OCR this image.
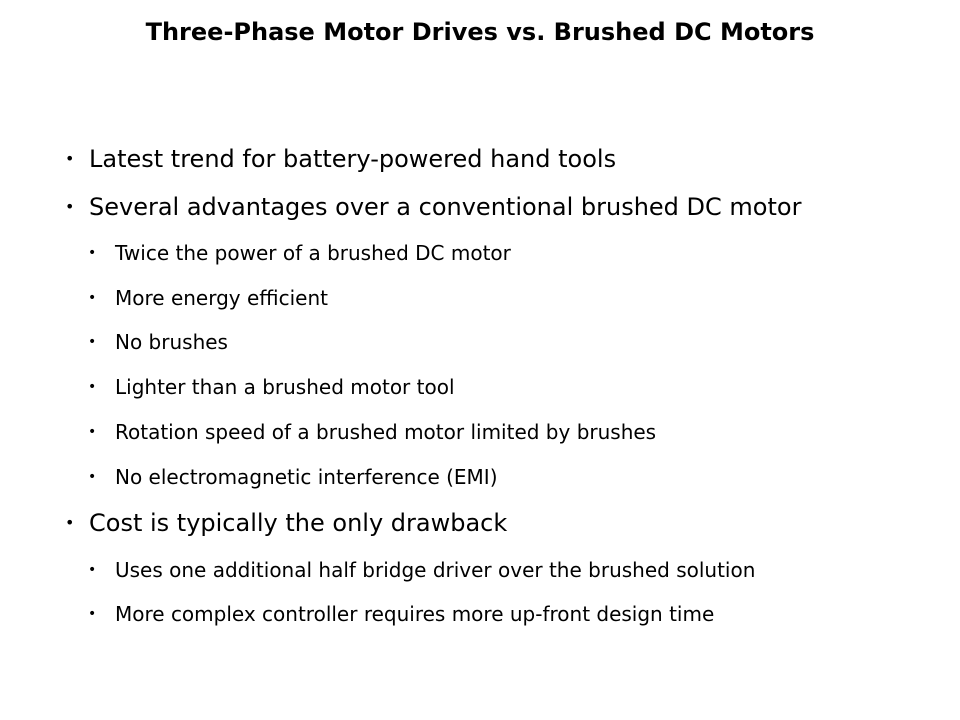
Three-Phase Motor Drives vs. Brushed DC Motors
• Latest trend for battery-powered hand tools
• Several advantages over a conventional brushed DC motor
• Twice the power of a brushed DC motor
• More energy efficient
• No brushes
• Lighter than a brushed motor tool
• Rotation speed of a brushed motor limited by brushes
• No electromagnetic interference (EMI)
• Cost is typically the only drawback
• Uses one additional half bridge driver over the brushed solution
• More complex controller requires more up-front design time
